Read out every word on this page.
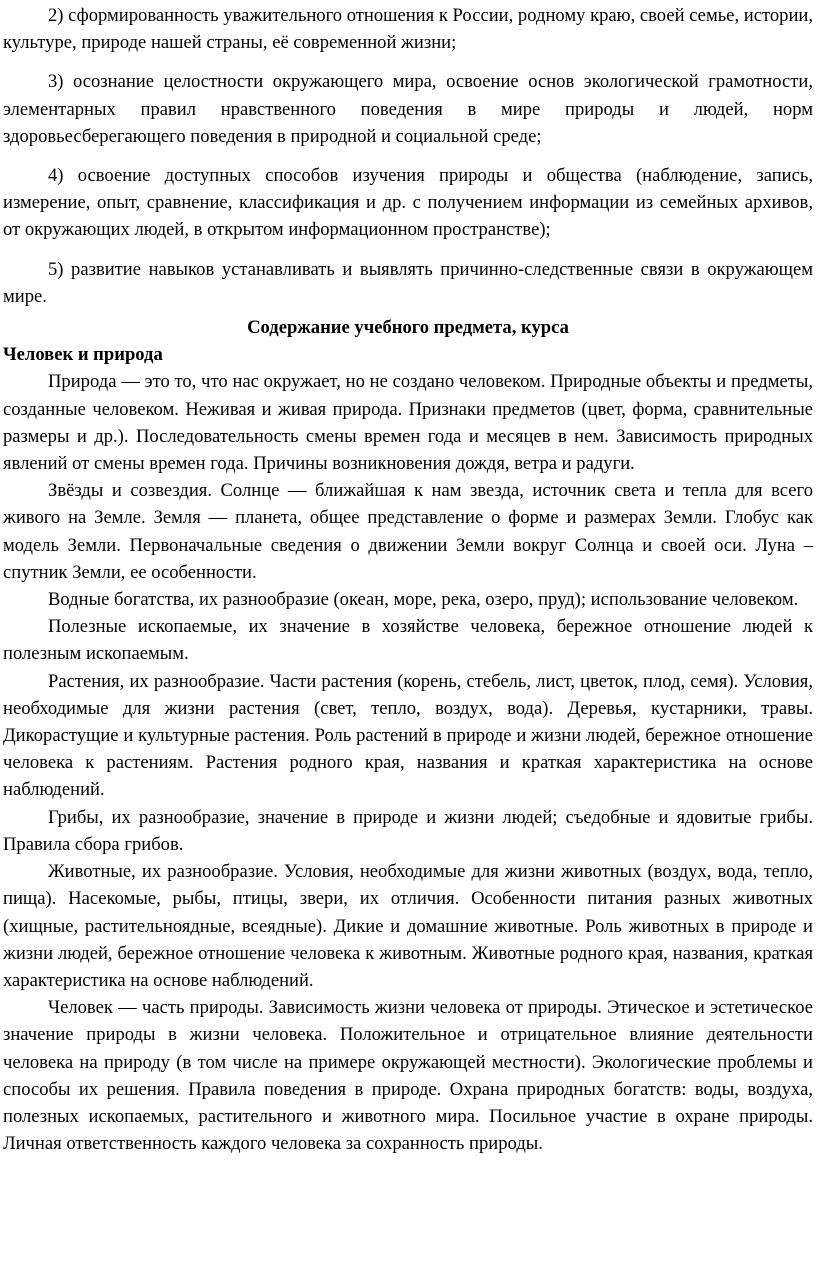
2) сформированность уважительного отношения к России, родному краю, своей семье, истории, культуре, природе нашей страны, её современной жизни;

3) осознание целостности окружающего мира, освоение основ экологической грамотности, элементарных правил нравственного поведения в мире природы и людей, норм здоровьесберегающего поведения в природной и социальной среде;

4) освоение доступных способов изучения природы и общества (наблюдение, запись, измерение, опыт, сравнение, классификация и др. с получением информации из семейных архивов, от окружающих людей, в открытом информационном пространстве);

5) развитие навыков устанавливать и выявлять причинно-следственные связи в окружающем мире.

Содержание учебного предмета, курса
Человек и природа

Природа — это то, что нас окружает, но не создано человеком. Природные объекты и предметы, созданные человеком. Неживая и живая природа. Признаки предметов (цвет, форма, сравнительные размеры и др.). Последовательность смены времен года и месяцев в нем. Зависимость природных явлений от смены времен года. Причины возникновения дождя, ветра и радуги.

Звёзды и созвездия. Солнце — ближайшая к нам звезда, источник света и тепла для всего живого на Земле. Земля — планета, общее представление о форме и размерах Земли. Глобус как модель Земли. Первоначальные сведения о движении Земли вокруг Солнца и своей оси. Луна – спутник Земли, ее особенности.

Водные богатства, их разнообразие (океан, море, река, озеро, пруд); использование человеком.

Полезные ископаемые, их значение в хозяйстве человека, бережное отношение людей к полезным ископаемым.

Растения, их разнообразие. Части растения (корень, стебель, лист, цветок, плод, семя). Условия, необходимые для жизни растения (свет, тепло, воздух, вода). Деревья, кустарники, травы. Дикорастущие и культурные растения. Роль растений в природе и жизни людей, бережное отношение человека к растениям. Растения родного края, названия и краткая характеристика на основе наблюдений.

Грибы, их разнообразие, значение в природе и жизни людей; съедобные и ядовитые грибы. Правила сбора грибов.

Животные, их разнообразие. Условия, необходимые для жизни животных (воздух, вода, тепло, пища). Насекомые, рыбы, птицы, звери, их отличия. Особенности питания разных животных (хищные, растительноядные, всеядные). Дикие и домашние животные. Роль животных в природе и жизни людей, бережное отношение человека к животным. Животные родного края, названия, краткая характеристика на основе наблюдений.

Человек — часть природы. Зависимость жизни человека от природы. Этическое и эстетическое значение природы в жизни человека. Положительное и отрицательное влияние деятельности человека на природу (в том числе на примере окружающей местности). Экологические проблемы и способы их решения. Правила поведения в природе. Охрана природных богатств: воды, воздуха, полезных ископаемых, растительного и животного мира. Посильное участие в охране природы. Личная ответственность каждого человека за сохранность природы.
